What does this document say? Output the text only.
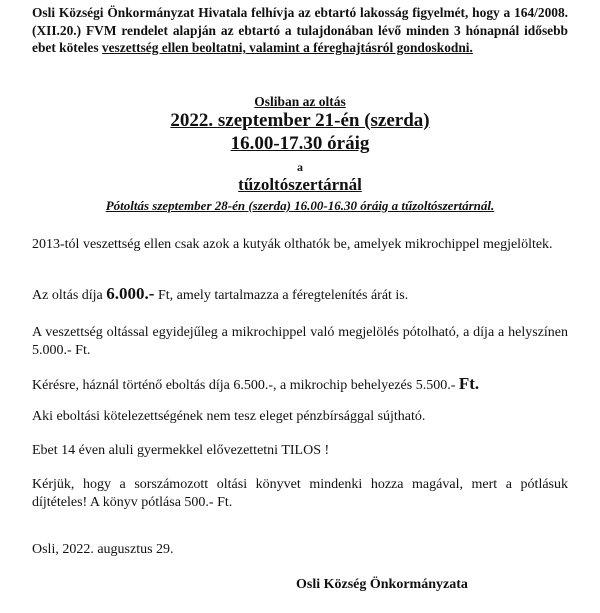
Osli Községi Önkormányzat Hivatala felhívja az ebtartó lakosság figyelmét, hogy a 164/2008.(XII.20.) FVM rendelet alapján az ebtartó a tulajdonában lévő minden 3 hónapnál idősebb ebet köteles veszettség ellen beoltatni, valamint a féreghajtásról gondoskodni.

Osliban az oltás

2022. szeptember 21-én (szerda)

16.00-17.30 óráig

a

tűzoltószertárnál

Pótoltás szeptember 28-én (szerda) 16.00-16.30 óráig a tűzoltószertárnál.

2013-tól veszettség ellen csak azok a kutyák olthatók be, amelyek mikrochippel megjelöltek.

Az oltás díja 6.000.- Ft, amely tartalmazza a féregtelenítés árát is.

A veszettség oltással egyidejűleg a mikrochippel való megjelölés pótolható, a díja a helyszínen 5.000.- Ft.

Kérésre, háznál történő eboltás díja 6.500.-, a mikrochip behelyezés 5.500.- Ft.

Aki eboltási kötelezettségének nem tesz eleget pénzbírsággal sújtható.

Ebet 14 éven aluli gyermekkel elővezettetni TILOS !

Kérjük, hogy a sorszámozott oltási könyvet mindenki hozza magával, mert a pótlásuk díjtételes! A könyv pótlása 500.- Ft.

Osli, 2022. augusztus 29.

Osli Község Önkormányzata
